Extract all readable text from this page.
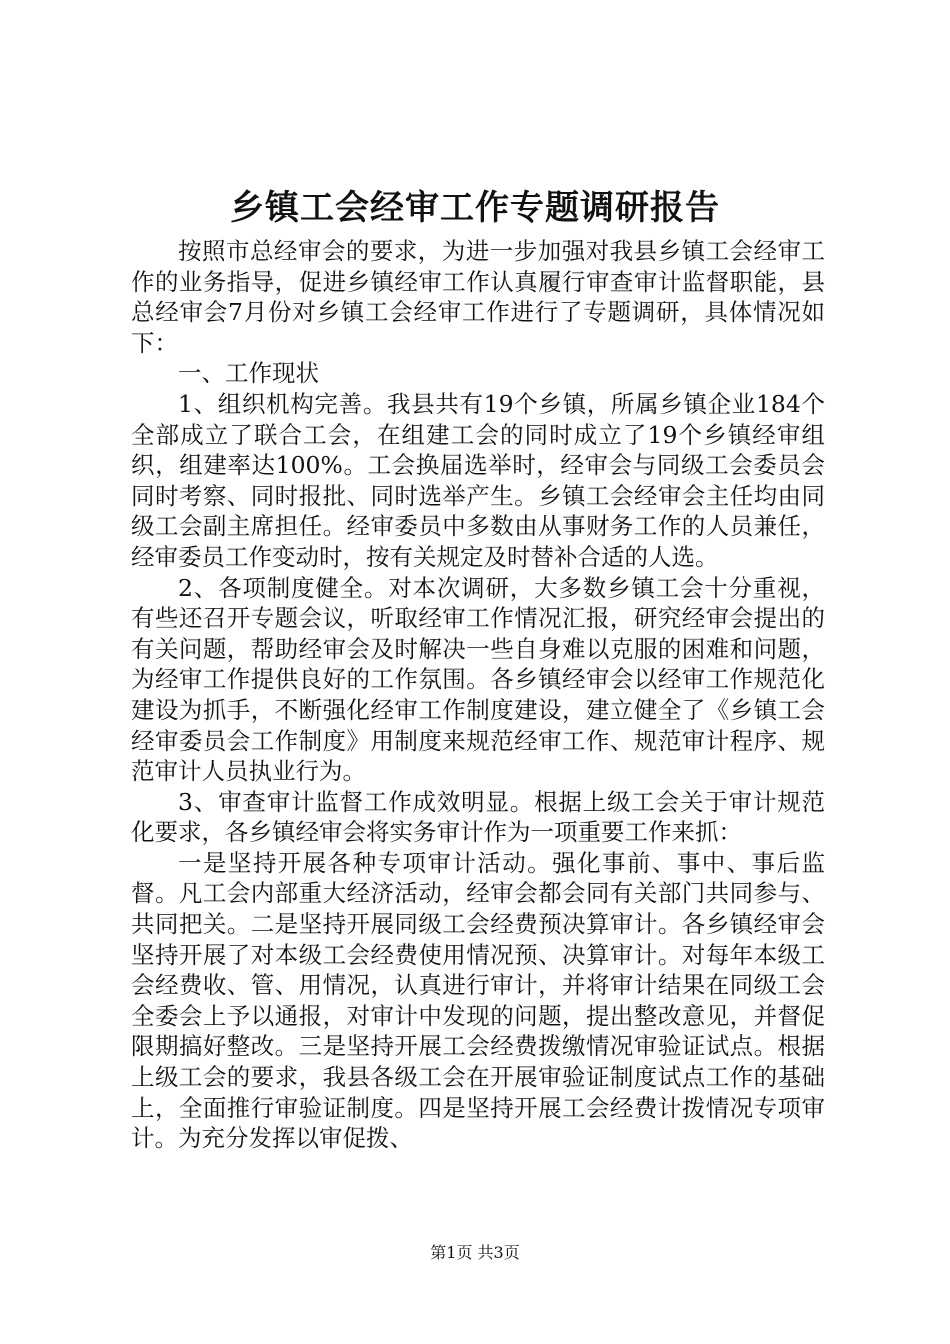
乡镇工会经审工作专题调研报告

按照市总经审会的要求，为进一步加强对我县乡镇工会经审工作的业务指导，促进乡镇经审工作认真履行审查审计监督职能，县总经审会7月份对乡镇工会经审工作进行了专题调研，具体情况如下：

一、工作现状

1、组织机构完善。我县共有19个乡镇，所属乡镇企业184个全部成立了联合工会，在组建工会的同时成立了19个乡镇经审组织，组建率达100%。工会换届选举时，经审会与同级工会委员会同时考察、同时报批、同时选举产生。乡镇工会经审会主任均由同级工会副主席担任。经审委员中多数由从事财务工作的人员兼任，经审委员工作变动时，按有关规定及时替补合适的人选。

2、各项制度健全。对本次调研，大多数乡镇工会十分重视，有些还召开专题会议，听取经审工作情况汇报，研究经审会提出的有关问题，帮助经审会及时解决一些自身难以克服的困难和问题，为经审工作提供良好的工作氛围。各乡镇经审会以经审工作规范化建设为抓手，不断强化经审工作制度建设，建立健全了《乡镇工会经审委员会工作制度》用制度来规范经审工作、规范审计程序、规范审计人员执业行为。

3、审查审计监督工作成效明显。根据上级工会关于审计规范化要求，各乡镇经审会将实务审计作为一项重要工作来抓：

一是坚持开展各种专项审计活动。强化事前、事中、事后监督。凡工会内部重大经济活动，经审会都会同有关部门共同参与、共同把关。二是坚持开展同级工会经费预决算审计。各乡镇经审会坚持开展了对本级工会经费使用情况预、决算审计。对每年本级工会经费收、管、用情况，认真进行审计，并将审计结果在同级工会全委会上予以通报，对审计中发现的问题，提出整改意见，并督促限期搞好整改。三是坚持开展工会经费拨缴情况审验证试点。根据上级工会的要求，我县各级工会在开展审验证制度试点工作的基础上，全面推行审验证制度。四是坚持开展工会经费计拨情况专项审计。为充分发挥以审促拨、

第1页 共3页
